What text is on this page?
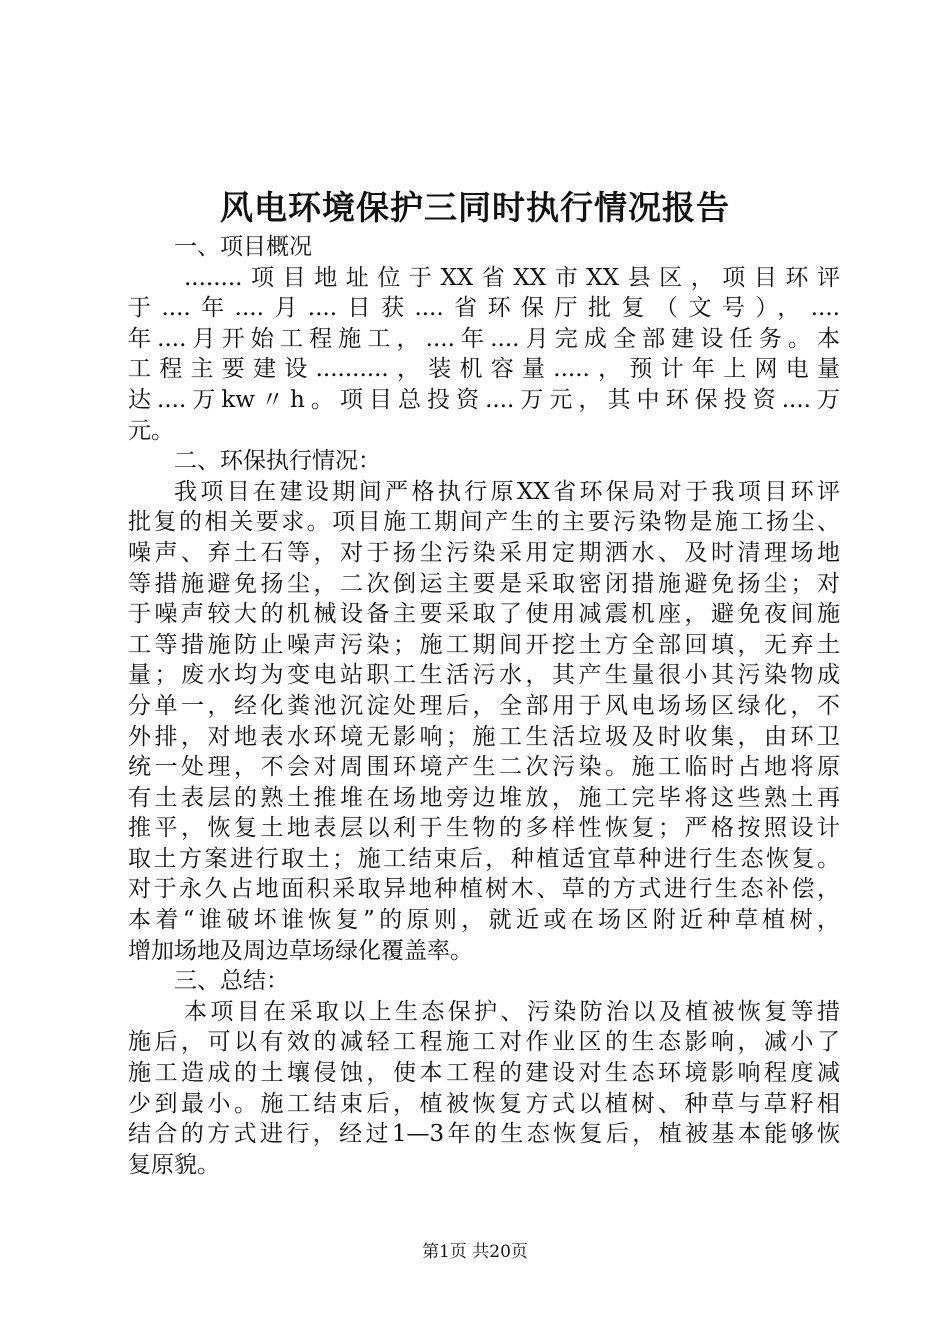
风电环境保护三同时执行情况报告
一、项目概况
........项目地址位于XX省XX市XX县区，项目环评
于....年....月....日获....省环保厅批复（文号），....
年....月开始工程施工，....年....月完成全部建设任务。本
工程主要建设..........，装机容量.....，预计年上网电量
达....万kw〃h。项目总投资....万元，其中环保投资....万
元。
二、环保执行情况：
我项目在建设期间严格执行原XX省环保局对于我项目环评
批复的相关要求。项目施工期间产生的主要污染物是施工扬尘、
噪声、弃土石等，对于扬尘污染采用定期洒水、及时清理场地
等措施避免扬尘，二次倒运主要是采取密闭措施避免扬尘；对
于噪声较大的机械设备主要采取了使用减震机座，避免夜间施
工等措施防止噪声污染；施工期间开挖土方全部回填，无弃土
量；废水均为变电站职工生活污水，其产生量很小其污染物成
分单一，经化粪池沉淀处理后，全部用于风电场场区绿化，不
外排，对地表水环境无影响；施工生活垃圾及时收集，由环卫
统一处理，不会对周围环境产生二次污染。施工临时占地将原
有土表层的熟土推堆在场地旁边堆放，施工完毕将这些熟土再
推平，恢复土地表层以利于生物的多样性恢复；严格按照设计
取土方案进行取土；施工结束后，种植适宜草种进行生态恢复。
对于永久占地面积采取异地种植树木、草的方式进行生态补偿，
本着“谁破坏谁恢复”的原则，就近或在场区附近种草植树，
增加场地及周边草场绿化覆盖率。
三、总结：
本项目在采取以上生态保护、污染防治以及植被恢复等措
施后，可以有效的减轻工程施工对作业区的生态影响，减小了
施工造成的土壤侵蚀，使本工程的建设对生态环境影响程度减
少到最小。施工结束后，植被恢复方式以植树、种草与草籽相
结合的方式进行，经过1—3年的生态恢复后，植被基本能够恢
复原貌。
第1页 共20页
